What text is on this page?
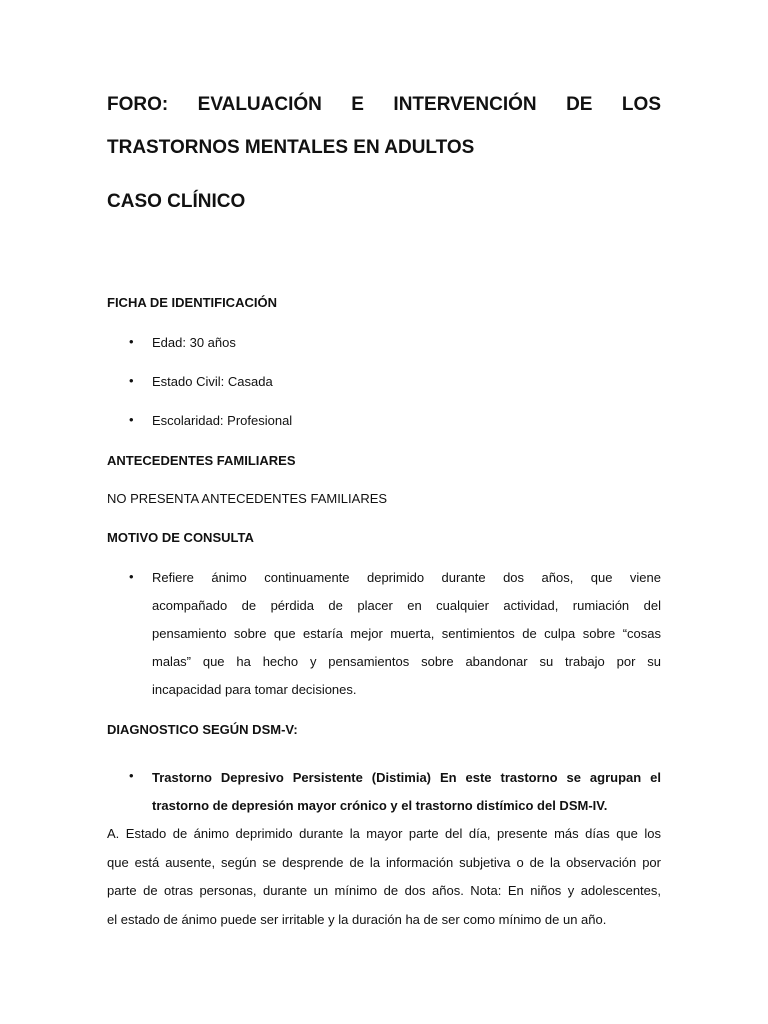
FORO: EVALUACIÓN E INTERVENCIÓN DE LOS
TRASTORNOS MENTALES EN ADULTOS
CASO CLÍNICO
FICHA DE IDENTIFICACIÓN
• Edad: 30 años
• Estado Civil: Casada
• Escolaridad: Profesional
ANTECEDENTES FAMILIARES
NO PRESENTA ANTECEDENTES FAMILIARES
MOTIVO DE CONSULTA
• Refiere ánimo continuamente deprimido durante dos años, que viene
acompañado de pérdida de placer en cualquier actividad, rumiación del
pensamiento sobre que estaría mejor muerta, sentimientos de culpa sobre “cosas
malas” que ha hecho y pensamientos sobre abandonar su trabajo por su
incapacidad para tomar decisiones.
DIAGNOSTICO SEGÚN DSM-V:
• Trastorno Depresivo Persistente (Distimia) En este trastorno se agrupan el
trastorno de depresión mayor crónico y el trastorno distímico del DSM-IV.
A. Estado de ánimo deprimido durante la mayor parte del día, presente más días que los
que está ausente, según se desprende de la información subjetiva o de la observación por
parte de otras personas, durante un mínimo de dos años. Nota: En niños y adolescentes,
el estado de ánimo puede ser irritable y la duración ha de ser como mínimo de un año.
